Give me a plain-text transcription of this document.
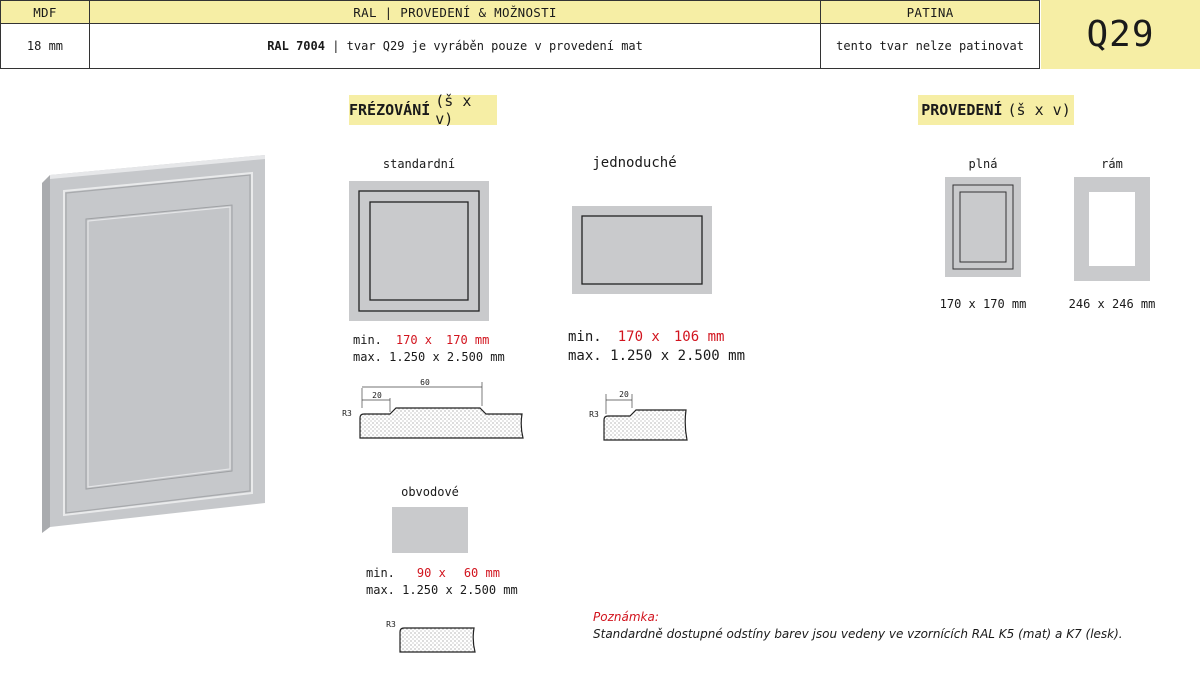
MDF	RAL | PROVEDENÍ & MOŽNOSTI	PATINA
18 mm	RAL 7004 | tvar Q29 je vyráběn pouze v provedení mat	tento tvar nelze patinovat	Q29
FRÉZOVÁNÍ (š x v)
standardní
min. 170 x 170 mm
max. 1.250 x 2.500 mm
60
20
R3
jednoduché
min. 170 x 106 mm
max. 1.250 x 2.500 mm
20
R3
obvodové
min. 90 x 60 mm
max. 1.250 x 2.500 mm
R3
PROVEDENÍ (š x v)
plná
170 x 170 mm
rám
246 x 246 mm
Poznámka:
Standardně dostupné odstíny barev jsou vedeny ve vzornících RAL K5 (mat) a K7 (lesk).
